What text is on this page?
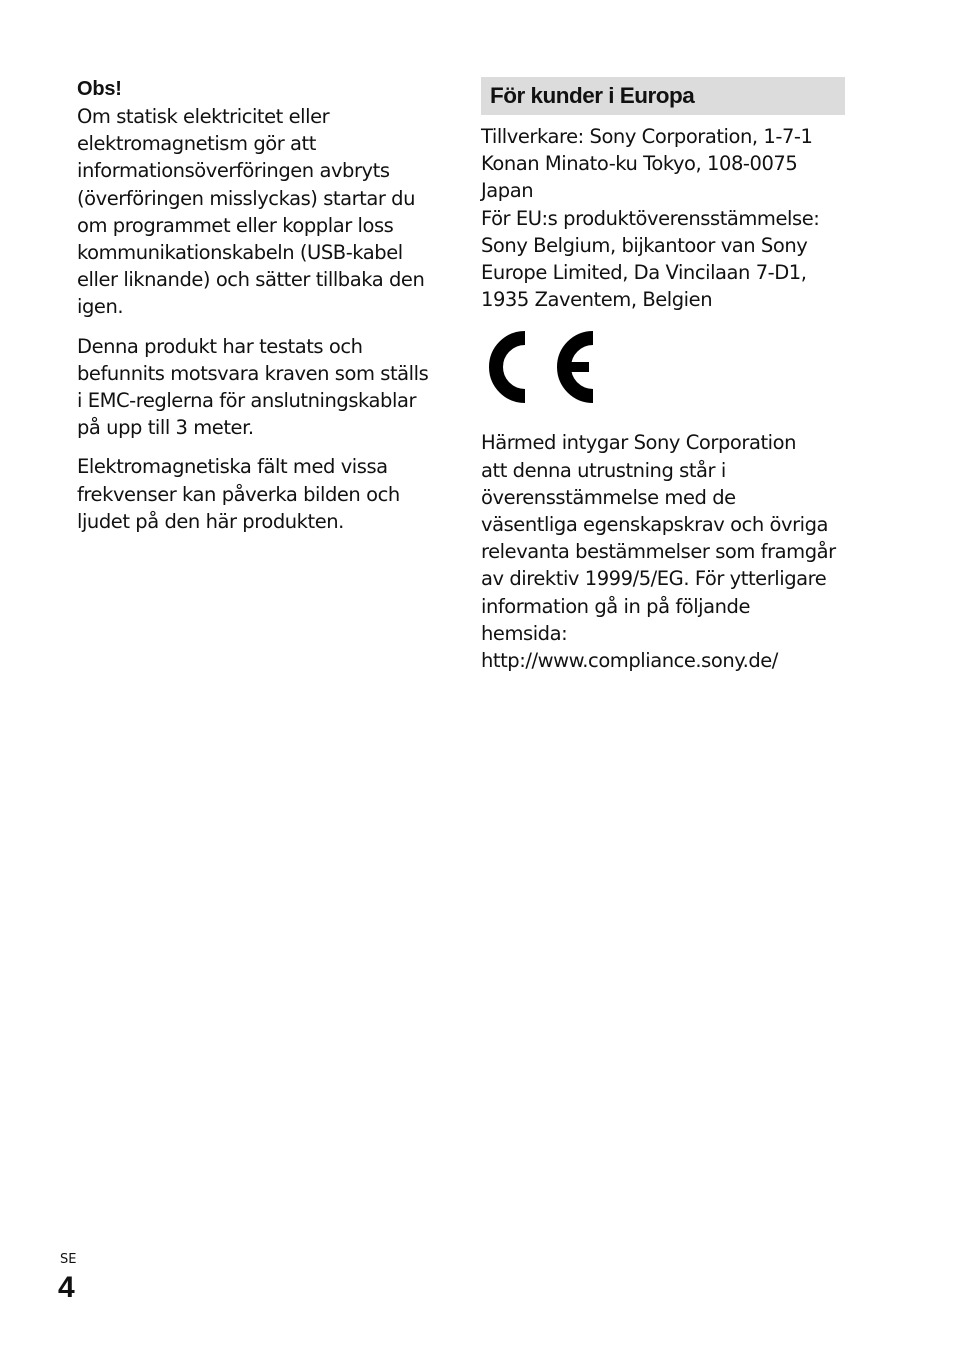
Obs!

Om statisk elektricitet eller
elektromagnetism gör att
informationsöverföringen avbryts
(överföringen misslyckas) startar du
om programmet eller kopplar loss
kommunikationskabeln (USB-kabel
eller liknande) och sätter tillbaka den
igen.

Denna produkt har testats och
befunnits motsvara kraven som ställs
i EMC-reglerna för anslutningskablar
på upp till 3 meter.

Elektromagnetiska fält med vissa
frekvenser kan påverka bilden och
ljudet på den här produkten.

För kunder i Europa

Tillverkare: Sony Corporation, 1-7-1
Konan Minato-ku Tokyo, 108-0075
Japan
För EU:s produktöverensstämmelse:
Sony Belgium, bijkantoor van Sony
Europe Limited, Da Vincilaan 7-D1,
1935 Zaventem, Belgien

Härmed intygar Sony Corporation
att denna utrustning står i
överensstämmelse med de
väsentliga egenskapskrav och övriga
relevanta bestämmelser som framgår
av direktiv 1999/5/EG. För ytterligare
information gå in på följande
hemsida:
http://www.compliance.sony.de/

SE
4
